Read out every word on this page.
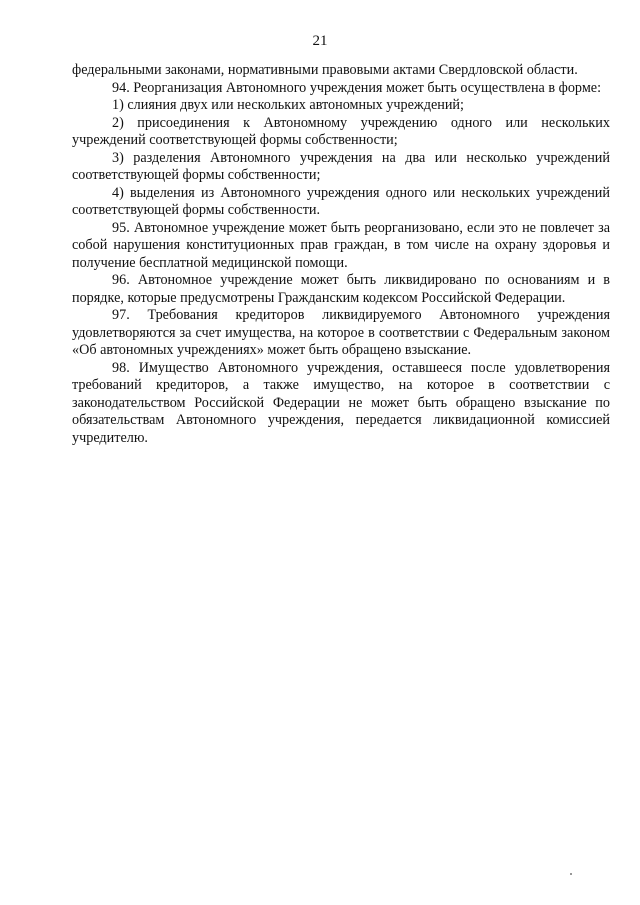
21

федеральными законами, нормативными правовыми актами Свердловской области.

94. Реорганизация Автономного учреждения может быть осуществлена в форме:

1) слияния двух или нескольких автономных учреждений;

2) присоединения к Автономному учреждению одного или нескольких учреждений соответствующей формы собственности;

3) разделения Автономного учреждения на два или несколько учреждений соответствующей формы собственности;

4) выделения из Автономного учреждения одного или нескольких учреждений соответствующей формы собственности.

95. Автономное учреждение может быть реорганизовано, если это не повлечет за собой нарушения конституционных прав граждан, в том числе на охрану здоровья и получение бесплатной медицинской помощи.

96. Автономное учреждение может быть ликвидировано по основаниям и в порядке, которые предусмотрены Гражданским кодексом Российской Федерации.

97. Требования кредиторов ликвидируемого Автономного учреждения удовлетворяются за счет имущества, на которое в соответствии с Федеральным законом «Об автономных учреждениях» может быть обращено взыскание.

98. Имущество Автономного учреждения, оставшееся после удовлетворения требований кредиторов, а также имущество, на которое в соответствии с законодательством Российской Федерации не может быть обращено взыскание по обязательствам Автономного учреждения, передается ликвидационной комиссией учредителю.
